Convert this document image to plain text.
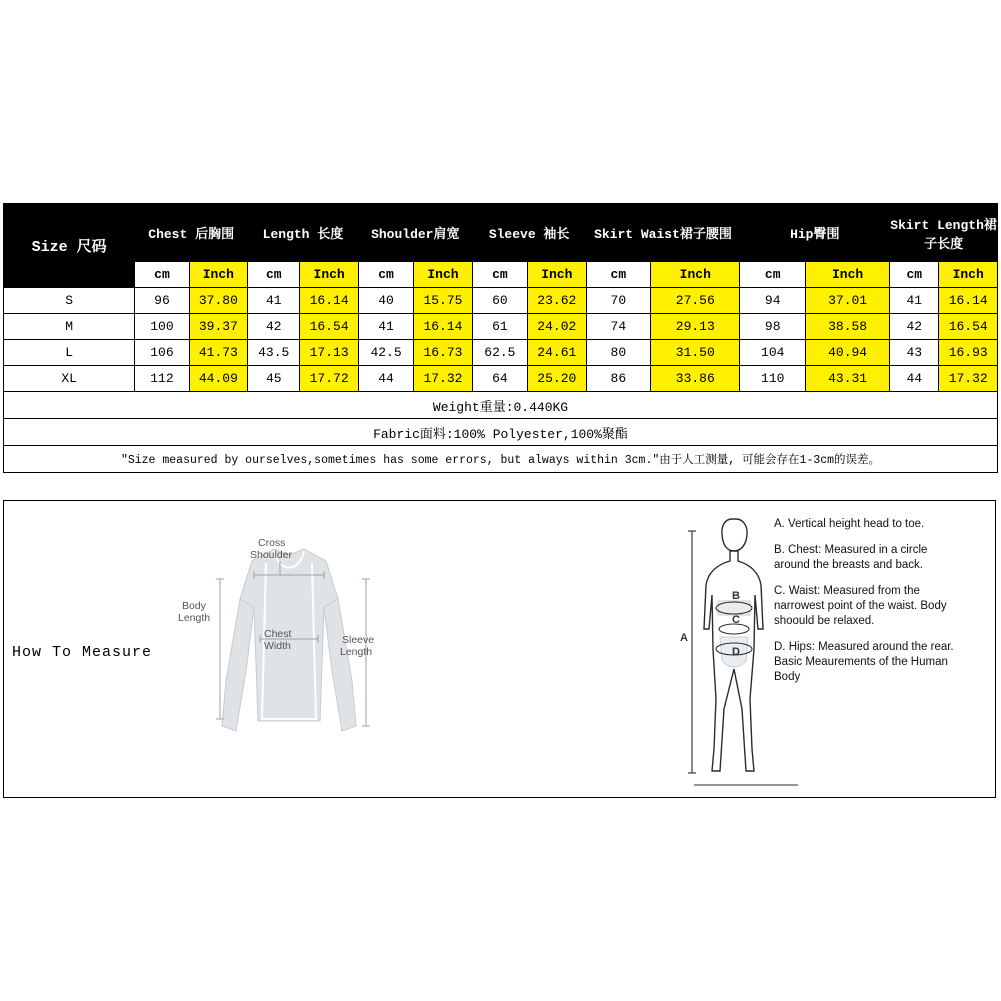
Size 尺码	Chest 后胸围		Length 长度		Shoulder肩宽		Sleeve 袖长		Skirt Waist裙子腰围		Hip臀围		Skirt Length裙子长度	
	cm	Inch	cm	Inch	cm	Inch	cm	Inch	cm	Inch	cm	Inch	cm	Inch
S	96	37.80	41	16.14	40	15.75	60	23.62	70	27.56	94	37.01	41	16.14
M	100	39.37	42	16.54	41	16.14	61	24.02	74	29.13	98	38.58	42	16.54
L	106	41.73	43.5	17.13	42.5	16.73	62.5	24.61	80	31.50	104	40.94	43	16.93
XL	112	44.09	45	17.72	44	17.32	64	25.20	86	33.86	110	43.31	44	17.32
Weight重量:0.440KG														
Fabric面料:100% Polyester,100%聚酯														
"Size measured by ourselves,sometimes has some errors, but always within 3cm."由于人工测量, 可能会存在1-3cm的误差。														
How To Measure
Cross
Shoulder
Body
Length
Chest
Width	Sleeve
Length
B
C
D
A

A. Vertical height head to toe.

B. Chest: Measured in a circle around the breasts and back.

C. Waist: Measured from the narrowest point of the waist. Body shoould be relaxed.

D. Hips: Measured around the rear. Basic Meaurements of the Human Body
